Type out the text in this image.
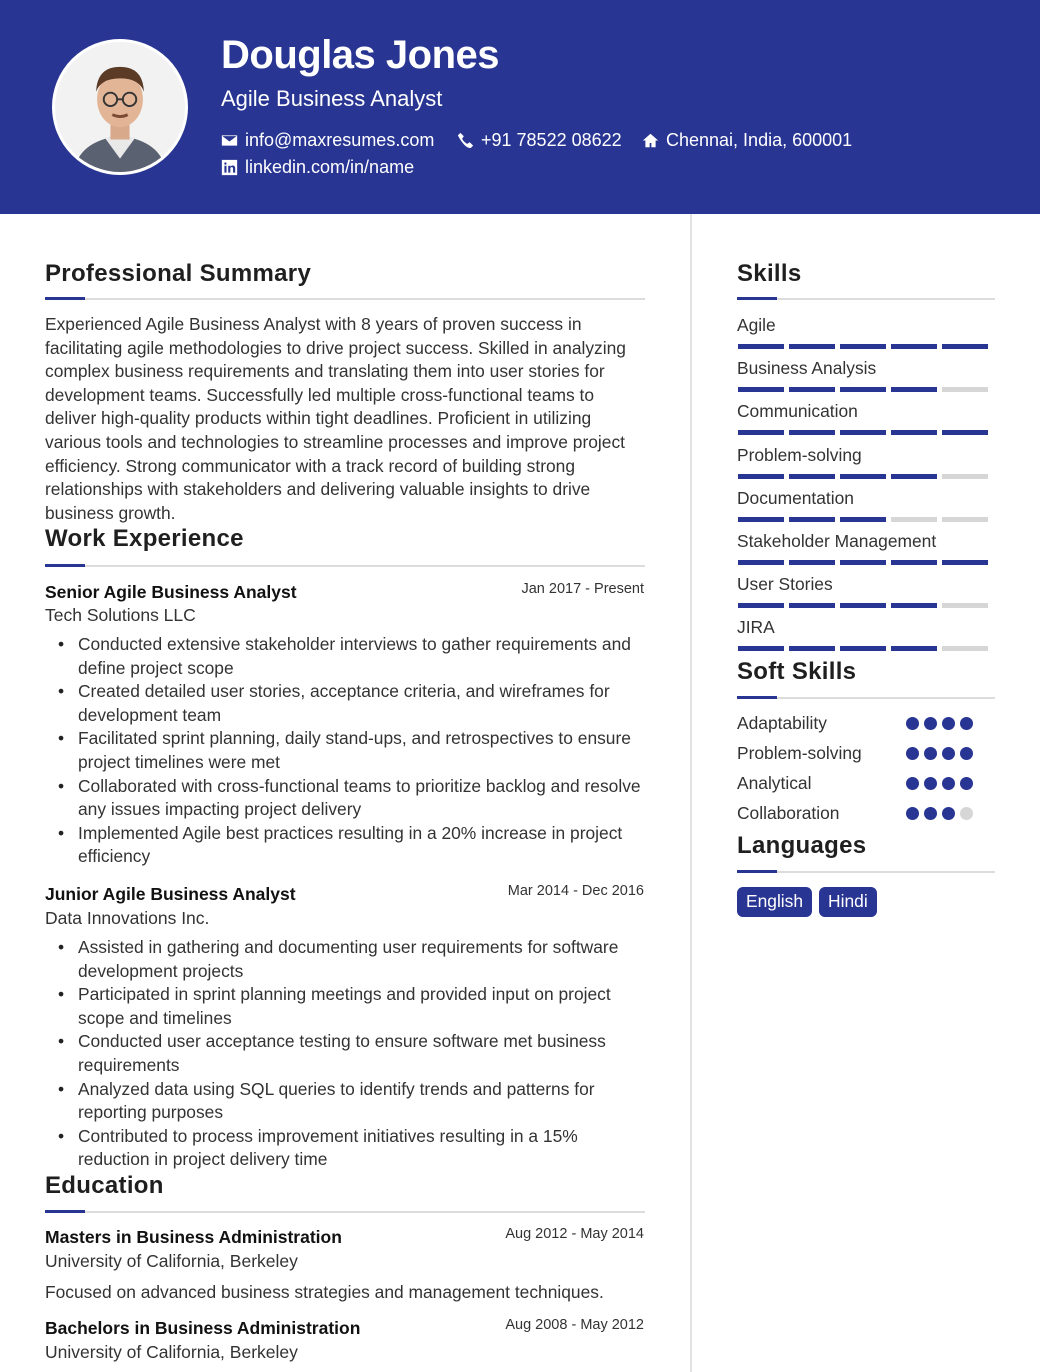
Douglas Jones
Agile Business Analyst
info@maxresumes.com	+91 78522 08622 Chennai, India, 600001
linkedin.com/in/name
Professional Summary
Experienced Agile Business Analyst with 8 years of proven success in facilitating agile methodologies to drive project success. Skilled in analyzing complex business requirements and translating them into user stories for development teams. Successfully led multiple cross-functional teams to deliver high-quality products within tight deadlines. Proficient in utilizing various tools and technologies to streamline processes and improve project efficiency. Strong communicator with a track record of building strong relationships with stakeholders and delivering valuable insights to drive business growth.
Work Experience
Senior Agile Business Analyst	Jan 2017 - Present
Tech Solutions LLC
• Conducted extensive stakeholder interviews to gather requirements and define project scope
• Created detailed user stories, acceptance criteria, and wireframes for development team
• Facilitated sprint planning, daily stand-ups, and retrospectives to ensure project timelines were met
• Collaborated with cross-functional teams to prioritize backlog and resolve any issues impacting project delivery
• Implemented Agile best practices resulting in a 20% increase in project efficiency
Junior Agile Business Analyst	Mar 2014 - Dec 2016
Data Innovations Inc.
• Assisted in gathering and documenting user requirements for software development projects
• Participated in sprint planning meetings and provided input on project scope and timelines
• Conducted user acceptance testing to ensure software met business requirements
• Analyzed data using SQL queries to identify trends and patterns for reporting purposes
• Contributed to process improvement initiatives resulting in a 15% reduction in project delivery time
Education
Masters in Business Administration	Aug 2012 - May 2014
University of California, Berkeley
Focused on advanced business strategies and management techniques.
Bachelors in Business Administration	Aug 2008 - May 2012
University of California, Berkeley
Skills
Agile
Business Analysis
Communication
Problem-solving
Documentation
Stakeholder Management
User Stories
JIRA
Soft Skills
Adaptability
Problem-solving
Analytical
Collaboration
Languages
English	Hindi
